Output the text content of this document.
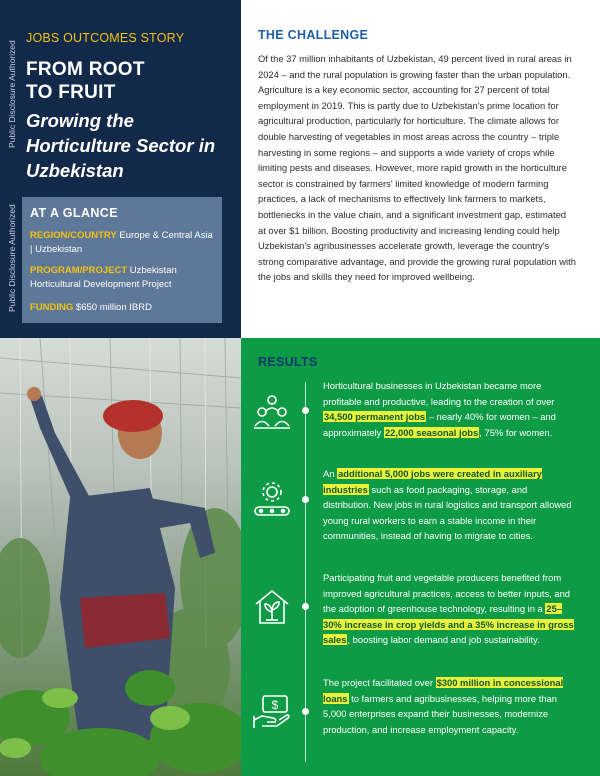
Public Disclosure Authorized
Public Disclosure Authorized
JOBS OUTCOMES STORY
FROM ROOT
TO FRUIT
Growing the Horticulture Sector in Uzbekistan
AT A GLANCE
REGION/COUNTRY Europe & Central Asia | Uzbekistan
PROGRAM/PROJECT Uzbekistan Horticultural Development Project
FUNDING $650 million IBRD
THE CHALLENGE
Of the 37 million inhabitants of Uzbekistan, 49 percent lived in rural areas in 2024 – and the rural population is growing faster than the urban population. Agriculture is a key economic sector, accounting for 27 percent of total employment in 2019. This is partly due to Uzbekistan's prime location for agricultural production, particularly for horticulture. The climate allows for double harvesting of vegetables in most areas across the country – triple harvesting in some regions – and supports a wide variety of crops while limiting pests and diseases. However, more rapid growth in the horticulture sector is constrained by farmers' limited knowledge of modern farming practices, a lack of mechanisms to effectively link farmers to markets, bottlenecks in the value chain, and a significant investment gap, estimated at over $1 billion. Boosting productivity and increasing lending could help Uzbekistan's agribusinesses accelerate growth, leverage the country's strong comparative advantage, and provide the growing rural population with the jobs and skills they need for improved wellbeing.
RESULTS
Horticultural businesses in Uzbekistan became more profitable and productive, leading to the creation of over 34,500 permanent jobs – nearly 40% for women – and approximately 22,000 seasonal jobs, 75% for women.
An additional 5,000 jobs were created in auxiliary industries such as food packaging, storage, and distribution. New jobs in rural logistics and transport allowed young rural workers to earn a stable income in their communities, instead of having to migrate to cities.
Participating fruit and vegetable producers benefited from improved agricultural practices, access to better inputs, and the adoption of greenhouse technology, resulting in a 25–30% increase in crop yields and a 35% increase in gross sales, boosting labor demand and job sustainability.
$
The project facilitated over $300 million in concessional loans to farmers and agribusinesses, helping more than 5,000 enterprises expand their businesses, modernize production, and increase employment capacity.
